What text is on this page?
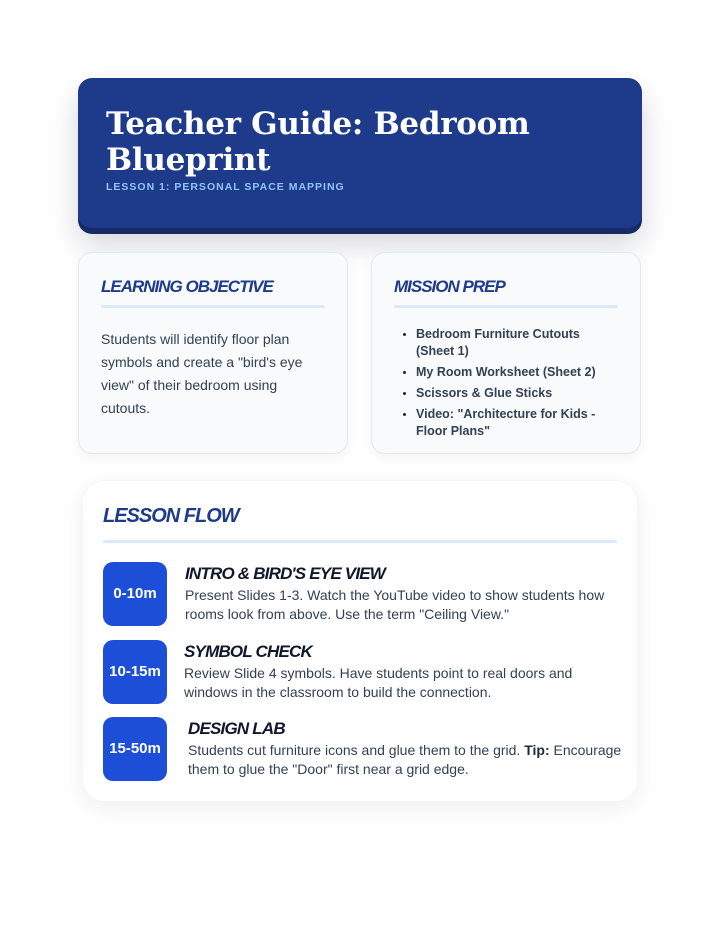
Teacher Guide: Bedroom Blueprint
LESSON 1: PERSONAL SPACE MAPPING
LEARNING OBJECTIVE
Students will identify floor plan symbols and create a "bird's eye view" of their bedroom using cutouts.
MISSION PREP
• Bedroom Furniture Cutouts (Sheet 1)
• My Room Worksheet (Sheet 2)
• Scissors & Glue Sticks
• Video: "Architecture for Kids - Floor Plans"
LESSON FLOW
0-10m
INTRO & BIRD'S EYE VIEW

Present Slides 1-3. Watch the YouTube video to show students how rooms look from above. Use the term "Ceiling View."

10-15m
SYMBOL CHECK

Review Slide 4 symbols. Have students point to real doors and windows in the classroom to build the connection.

15-50m
DESIGN LAB

Students cut furniture icons and glue them to the grid. Tip: Encourage them to glue the "Door" first near a grid edge.
